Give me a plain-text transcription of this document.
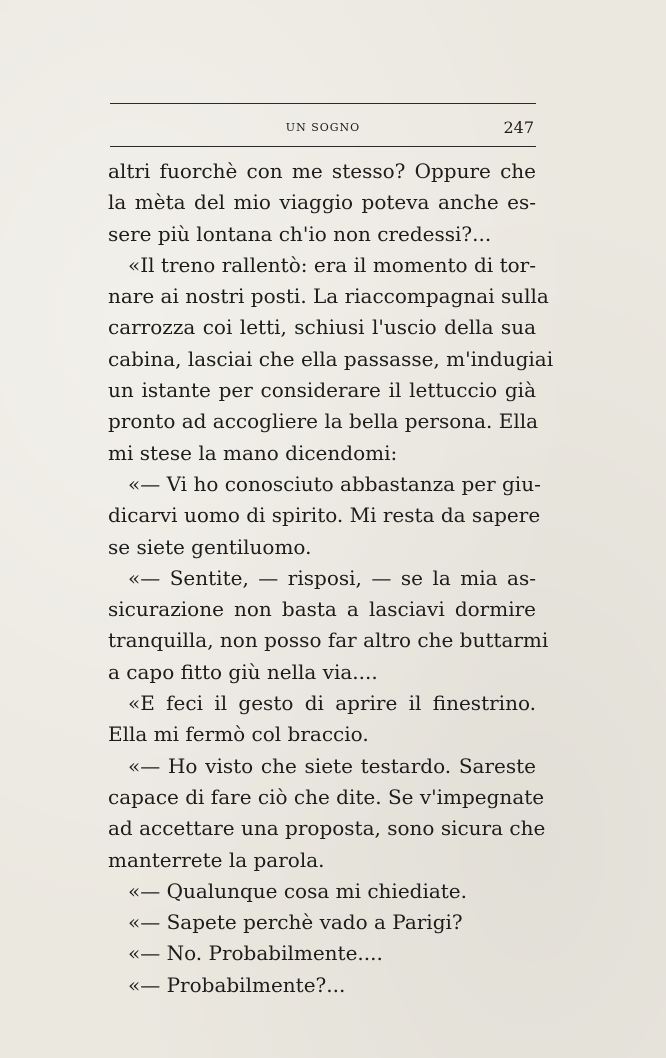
UN SOGNO	247
altri fuorchè con me stesso? Oppure che
la mèta del mio viaggio poteva anche es-
sere più lontana ch'io non credessi?...
«Il treno rallentò: era il momento di tor-
nare ai nostri posti. La riaccompagnai sulla
carrozza coi letti, schiusi l'uscio della sua
cabina, lasciai che ella passasse, m'indugiai
un istante per considerare il lettuccio già
pronto ad accogliere la bella persona. Ella
mi stese la mano dicendomi:
«— Vi ho conosciuto abbastanza per giu-
dicarvi uomo di spirito. Mi resta da sapere
se siete gentiluomo.
«— Sentite, — risposi, — se la mia as-
sicurazione non basta a lasciavi dormire
tranquilla, non posso far altro che buttarmi
a capo fitto giù nella via....
«E feci il gesto di aprire il finestrino.
Ella mi fermò col braccio.
«— Ho visto che siete testardo. Sareste
capace di fare ciò che dite. Se v'impegnate
ad accettare una proposta, sono sicura che
manterrete la parola.
«— Qualunque cosa mi chiediate.
«— Sapete perchè vado a Parigi?
«— No. Probabilmente....
«— Probabilmente?...
